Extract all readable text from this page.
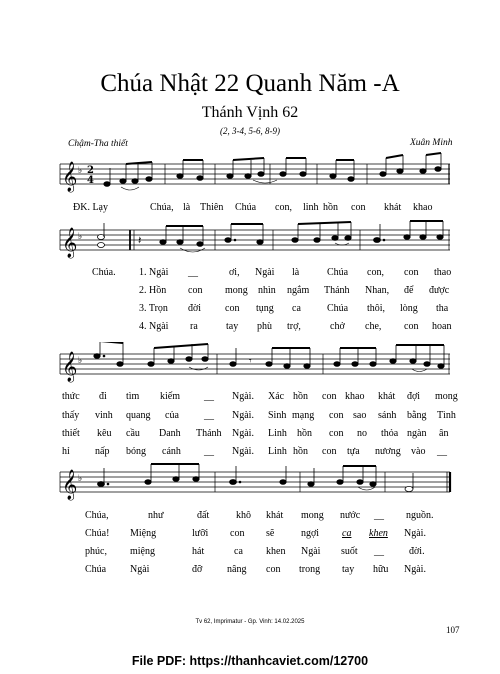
Chúa Nhật 22 Quanh Năm -A
Thánh Vịnh 62
(2, 3-4, 5-6, 8-9)
Chậm-Tha thiết	Xuân Minh
𝄞 ♭ 2
4
ĐK. Lạy	Chúa, là Thiên Chúa con, linh hồn con khát khao
𝄞 ♭	𝄽
Chúa. 1. Ngài __	ơi, Ngài là	Chúa con, con thao
2. Hồn con mong nhìn ngắm Thánh Nhan, để được
3. Trọn đời con tụng ca	Chúa thôi, lòng tha
4. Ngài ra	tay phù trợ,	chở che, con hoan
𝄞 ♭	𝄾
thức đi tìm kiếm __ Ngài. Xác hồn con khao khát đợi mong
thấy vinh quang của	__ Ngài. Sinh mạng con sao sánh bằng Tình
thiết kêu cầu Danh Thánh Ngài. Linh hồn con no thỏa ngàn ân
hỉ	nấp bóng cánh __ Ngài. Linh hồn con tựa nương vào __
𝄞 ♭
Chúa,	như	đất	khô khát mong nước __ nguồn.
Chúa! Miệng	lưỡi con sẽ	ngợi ca khen Ngài.
phúc, miệng	hát	ca khen Ngài suốt __	đời.
Chúa Ngài	đỡ nâng con trong tay hữu Ngài.
Tv 62, Imprimatur - Gp. Vinh: 14.02.2025
107
File PDF: https://thanhcaviet.com/12700
